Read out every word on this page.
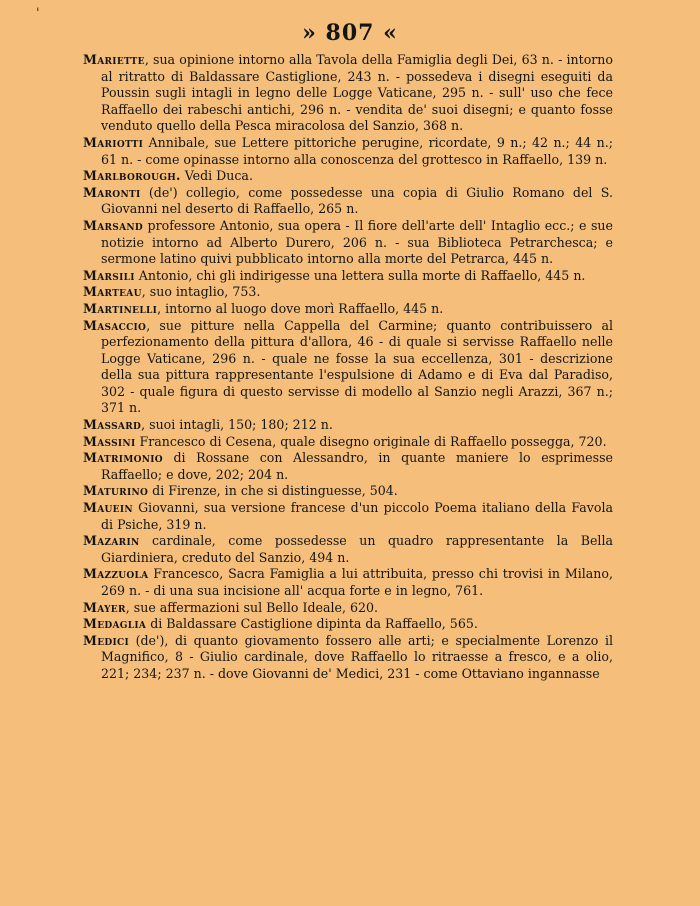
'
» 807 «

Mariette, sua opinione intorno alla Tavola della Famiglia degli Dei, 63 n. - intorno al ritratto di Baldassare Castiglione, 243 n. - possedeva i disegni eseguiti da Poussin sugli intagli in legno delle Logge Vaticane, 295 n. - sull' uso che fece Raffaello dei rabeschi antichi, 296 n. - vendita de' suoi disegni; e quanto fosse venduto quello della Pesca miracolosa del Sanzio, 368 n.

Mariotti Annibale, sue Lettere pittoriche perugine, ricordate, 9 n.; 42 n.; 44 n.; 61 n. - come opinasse intorno alla conoscenza del grottesco in Raffaello, 139 n.

Marlborough. Vedi Duca.

Maronti (de') collegio, come possedesse una copia di Giulio Romano del S. Giovanni nel deserto di Raffaello, 265 n.

Marsand professore Antonio, sua opera - Il fiore dell'arte dell' Intaglio ecc.; e sue notizie intorno ad Alberto Durero, 206 n. - sua Biblioteca Petrarchesca; e sermone latino quivi pubblicato intorno alla morte del Petrarca, 445 n.

Marsili Antonio, chi gli indirigesse una lettera sulla morte di Raffaello, 445 n.

Marteau, suo intaglio, 753.

Martinelli, intorno al luogo dove morì Raffaello, 445 n.

Masaccio, sue pitture nella Cappella del Carmine; quanto contribuissero al perfezionamento della pittura d'allora, 46 - di quale si servisse Raffaello nelle Logge Vaticane, 296 n. - quale ne fosse la sua eccellenza, 301 - descrizione della sua pittura rappresentante l'espulsione di Adamo e di Eva dal Paradiso, 302 - quale figura di questo servisse di modello al Sanzio negli Arazzi, 367 n.; 371 n.

Massard, suoi intagli, 150; 180; 212 n.

Massini Francesco di Cesena, quale disegno originale di Raffaello possegga, 720.

Matrimonio di Rossane con Alessandro, in quante maniere lo esprimesse Raffaello; e dove, 202; 204 n.

Maturino di Firenze, in che si distinguesse, 504.

Mauein Giovanni, sua versione francese d'un piccolo Poema italiano della Favola di Psiche, 319 n.

Mazarin cardinale, come possedesse un quadro rappresentante la Bella Giardiniera, creduto del Sanzio, 494 n.

Mazzuola Francesco, Sacra Famiglia a lui attribuita, presso chi trovisi in Milano, 269 n. - di una sua incisione all' acqua forte e in legno, 761.

Mayer, sue affermazioni sul Bello Ideale, 620.

Medaglia di Baldassare Castiglione dipinta da Raffaello, 565.

Medici (de'), di quanto giovamento fossero alle arti; e specialmente Lorenzo il Magnifico, 8 - Giulio cardinale, dove Raffaello lo ritraesse a fresco, e a olio, 221; 234; 237 n. - dove Giovanni de' Medici, 231 - come Ottaviano ingannasse
